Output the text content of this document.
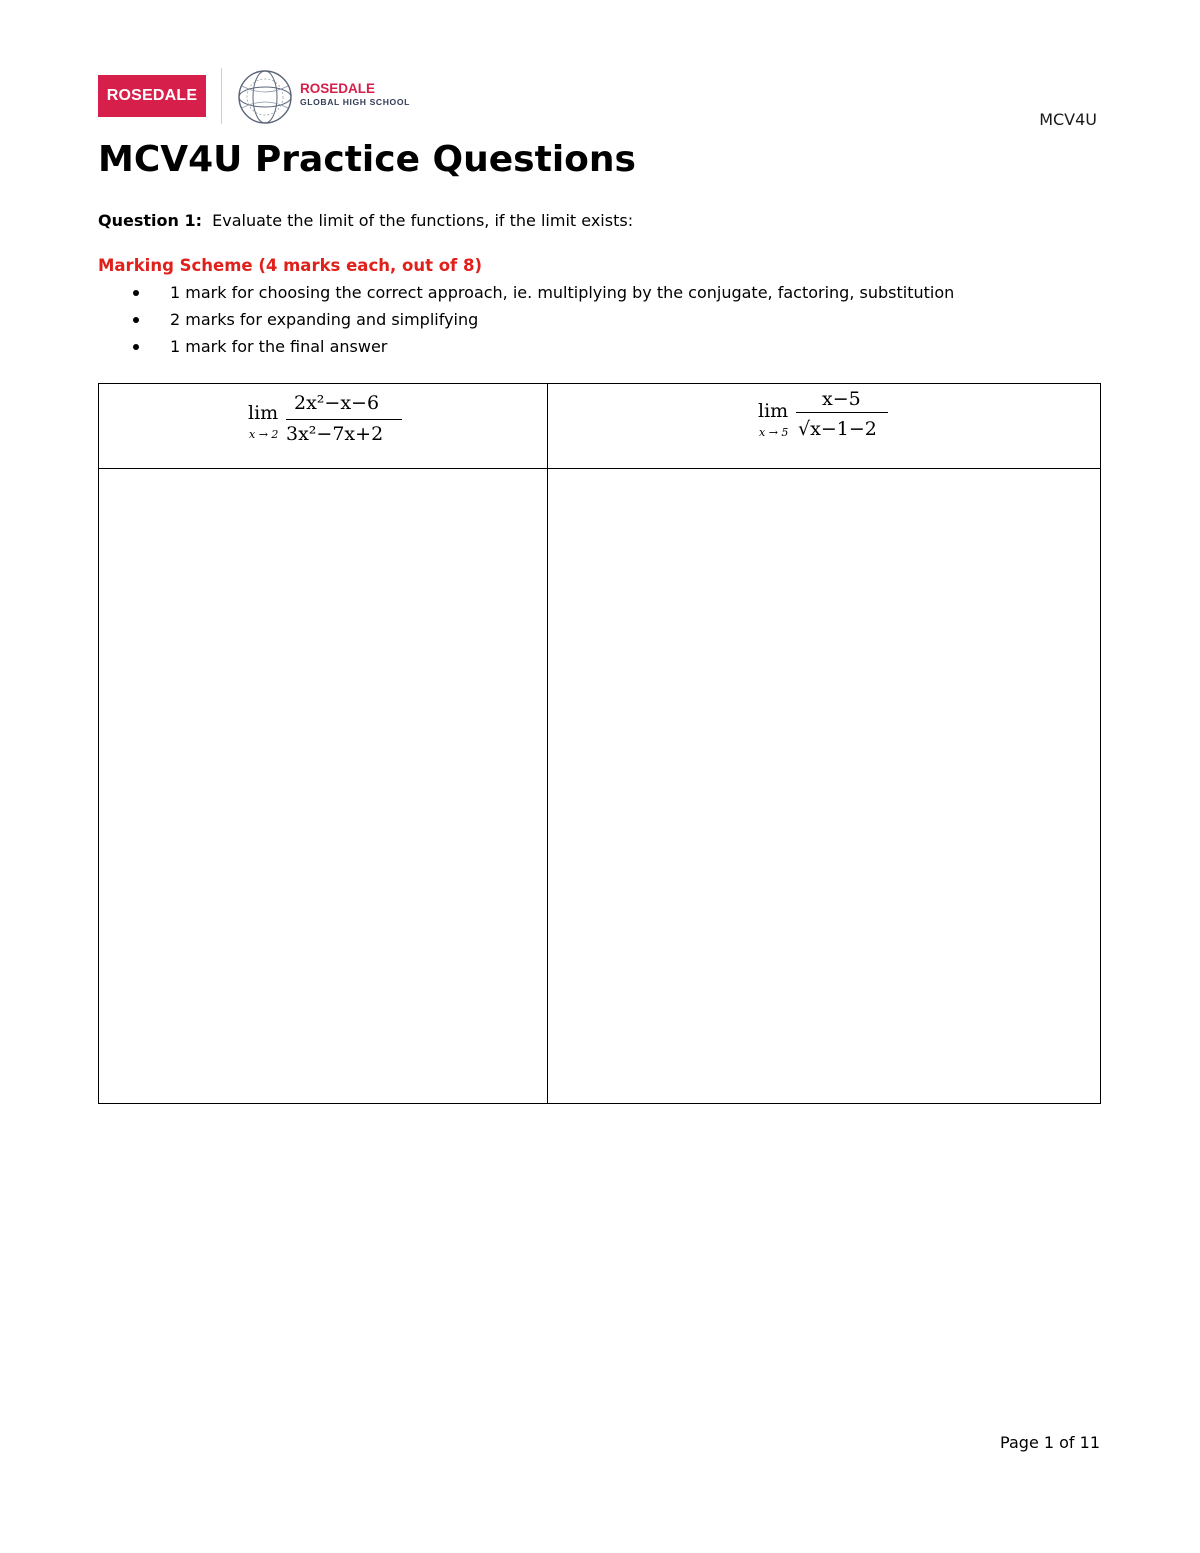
ROSEDALE	ROSEDALE
GLOBAL HIGH SCHOOL
MCV4U
MCV4U Practice Questions
Question 1: Evaluate the limit of the functions, if the limit exists:
Marking Scheme (4 marks each, out of 8)
1 mark for choosing the correct approach, ie. multiplying by the conjugate, factoring, substitution
2 marks for expanding and simplifying
1 mark for the final answer
lim
x → 2
2x²−x−6
3x²−7x+2
lim
x → 5
x−5
√x−1−2
Page 1 of 11
